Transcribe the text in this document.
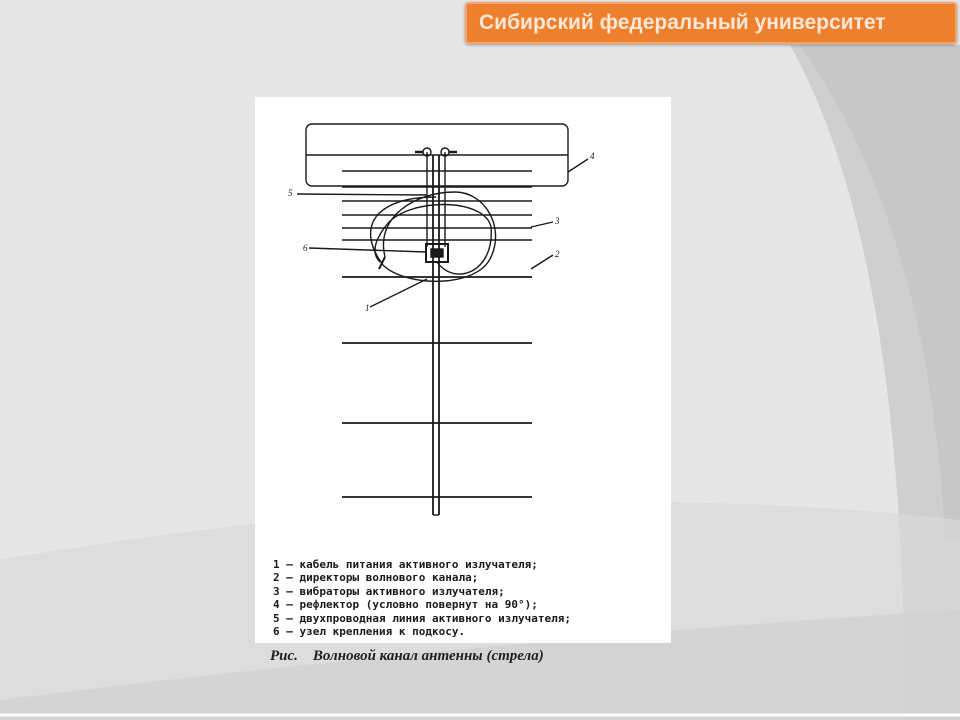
Сибирский федеральный университет
5
6
1
3
2
4
1 – кабель питания активного излучателя;
2 – директоры волнового канала;
3 – вибраторы активного излучателя;
4 – рефлектор (условно повернут на 90°);
5 – двухпроводная линия активного излучателя;
6 – узел крепления к подкосу.
Рис. Волновой канал антенны (стрела)
